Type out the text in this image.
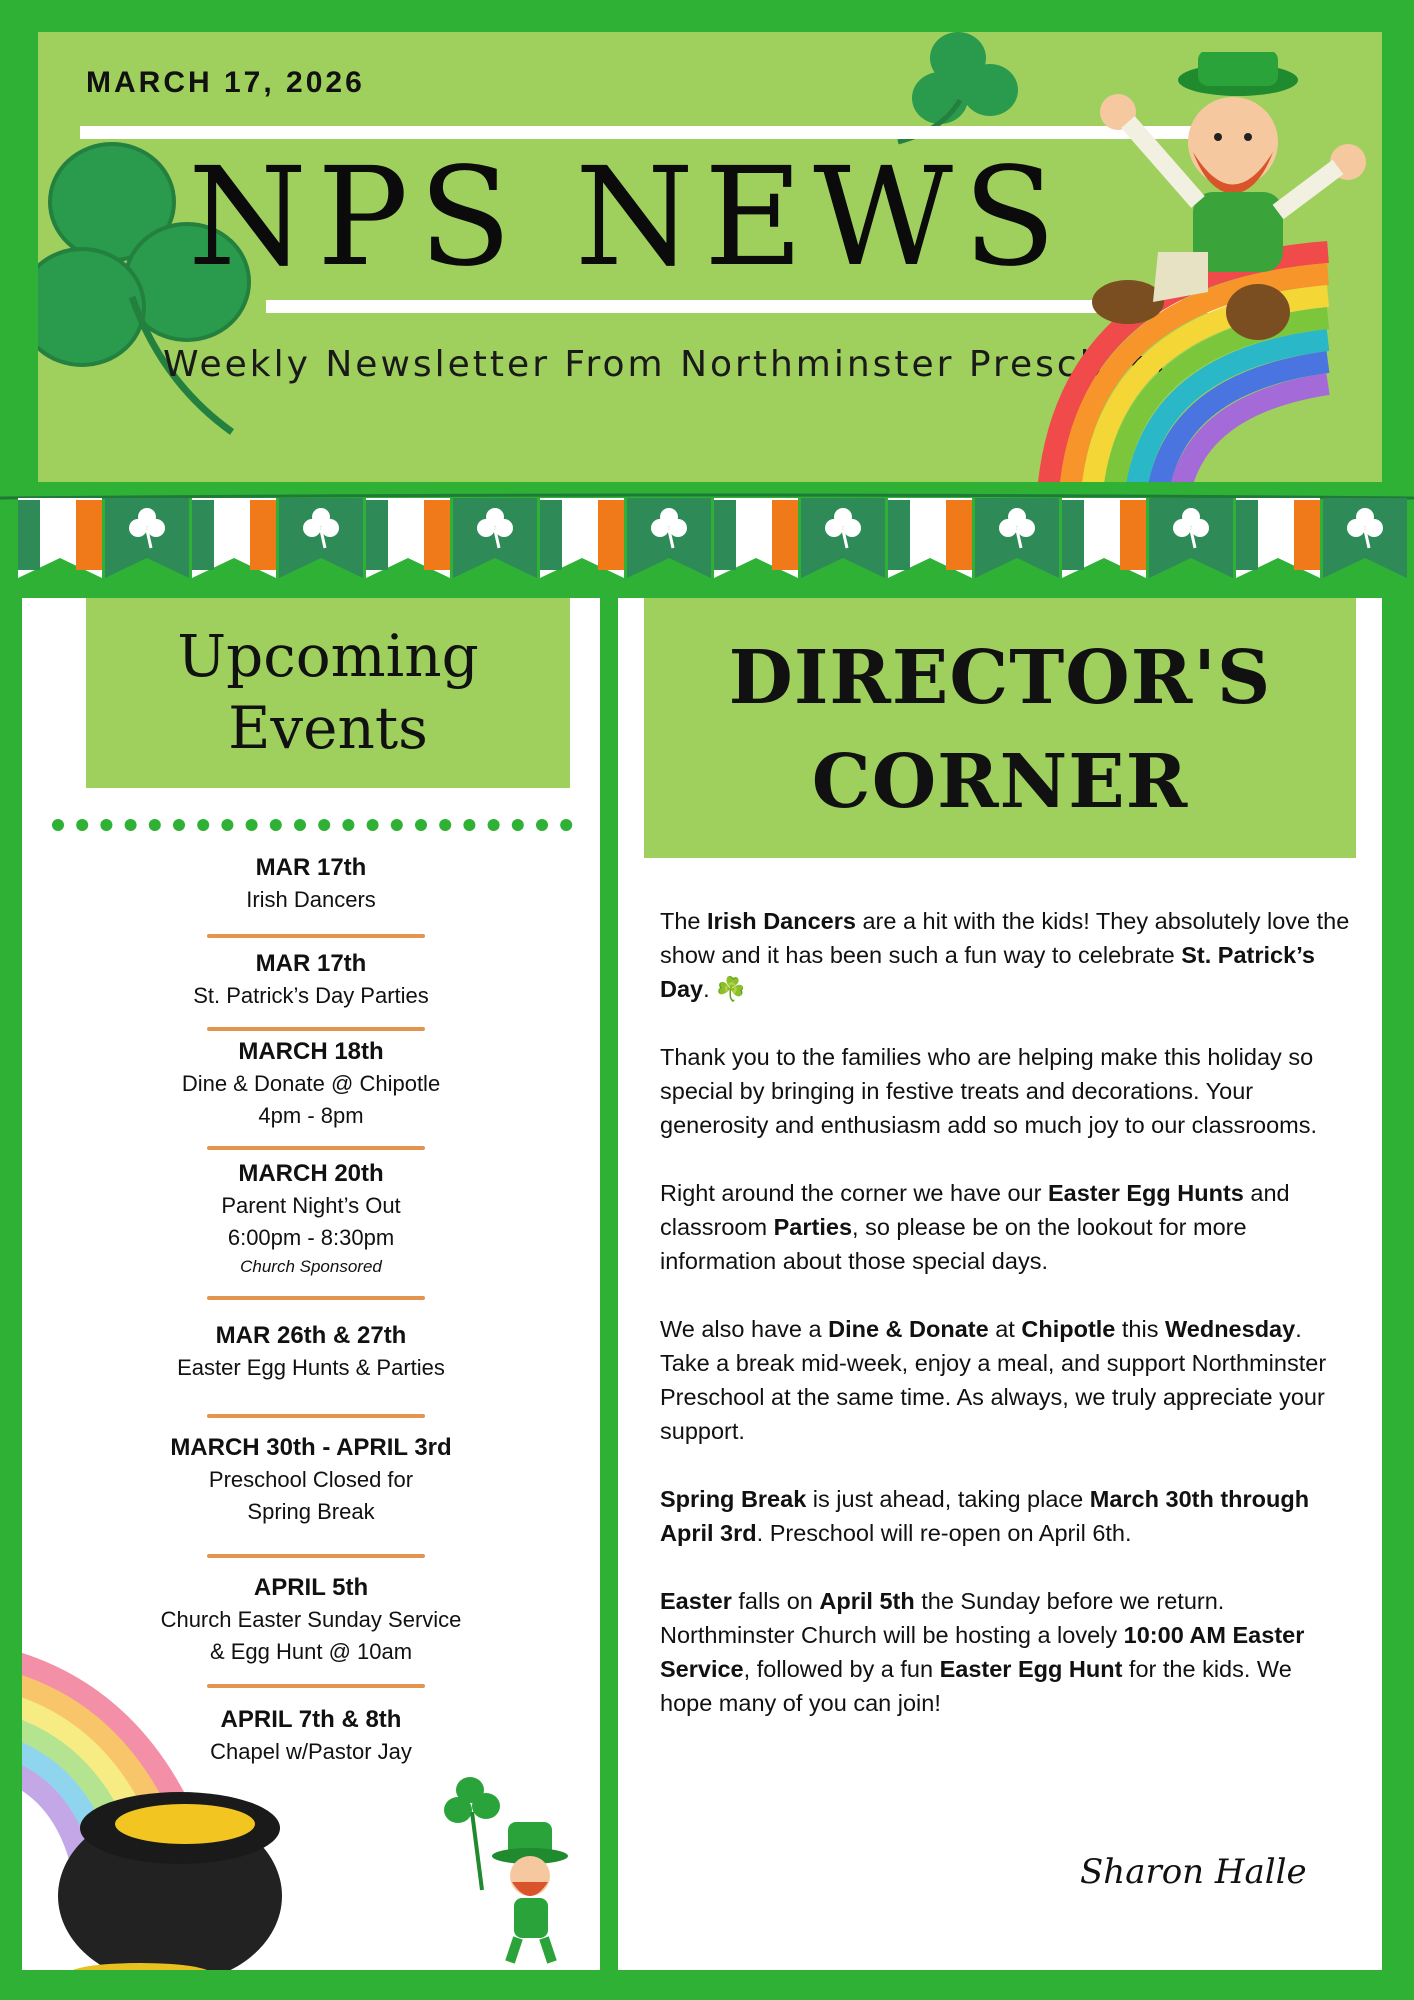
MARCH 17, 2026
NPS NEWS
Weekly Newsletter From Northminster Preschool
Upcoming
Events
MAR 17th
Irish Dancers
MAR 17th
St. Patrick’s Day Parties
MARCH 18th
Dine & Donate @ Chipotle
4pm - 8pm
MARCH 20th
Parent Night’s Out
6:00pm - 8:30pm
Church Sponsored
MAR 26th & 27th
Easter Egg Hunts & Parties
MARCH 30th - APRIL 3rd
Preschool Closed for
Spring Break
APRIL 5th
Church Easter Sunday Service
& Egg Hunt @ 10am
APRIL 7th & 8th
Chapel w/Pastor Jay
DIRECTOR'S
CORNER

The Irish Dancers are a hit with the kids! They absolutely love the show and it has been such a fun way to celebrate St. Patrick’s Day. ☘️

Thank you to the families who are helping make this holiday so special by bringing in festive treats and decorations. Your generosity and enthusiasm add so much joy to our classrooms.

Right around the corner we have our Easter Egg Hunts and classroom Parties, so please be on the lookout for more information about those special days.

We also have a Dine & Donate at Chipotle this Wednesday. Take a break mid-week, enjoy a meal, and support Northminster Preschool at the same time. As always, we truly appreciate your support.

Spring Break is just ahead, taking place March 30th through April 3rd. Preschool will re-open on April 6th.

Easter falls on April 5th the Sunday before we return. Northminster Church will be hosting a lovely 10:00 AM Easter Service, followed by a fun Easter Egg Hunt for the kids. We hope many of you can join!

Sharon Halle
